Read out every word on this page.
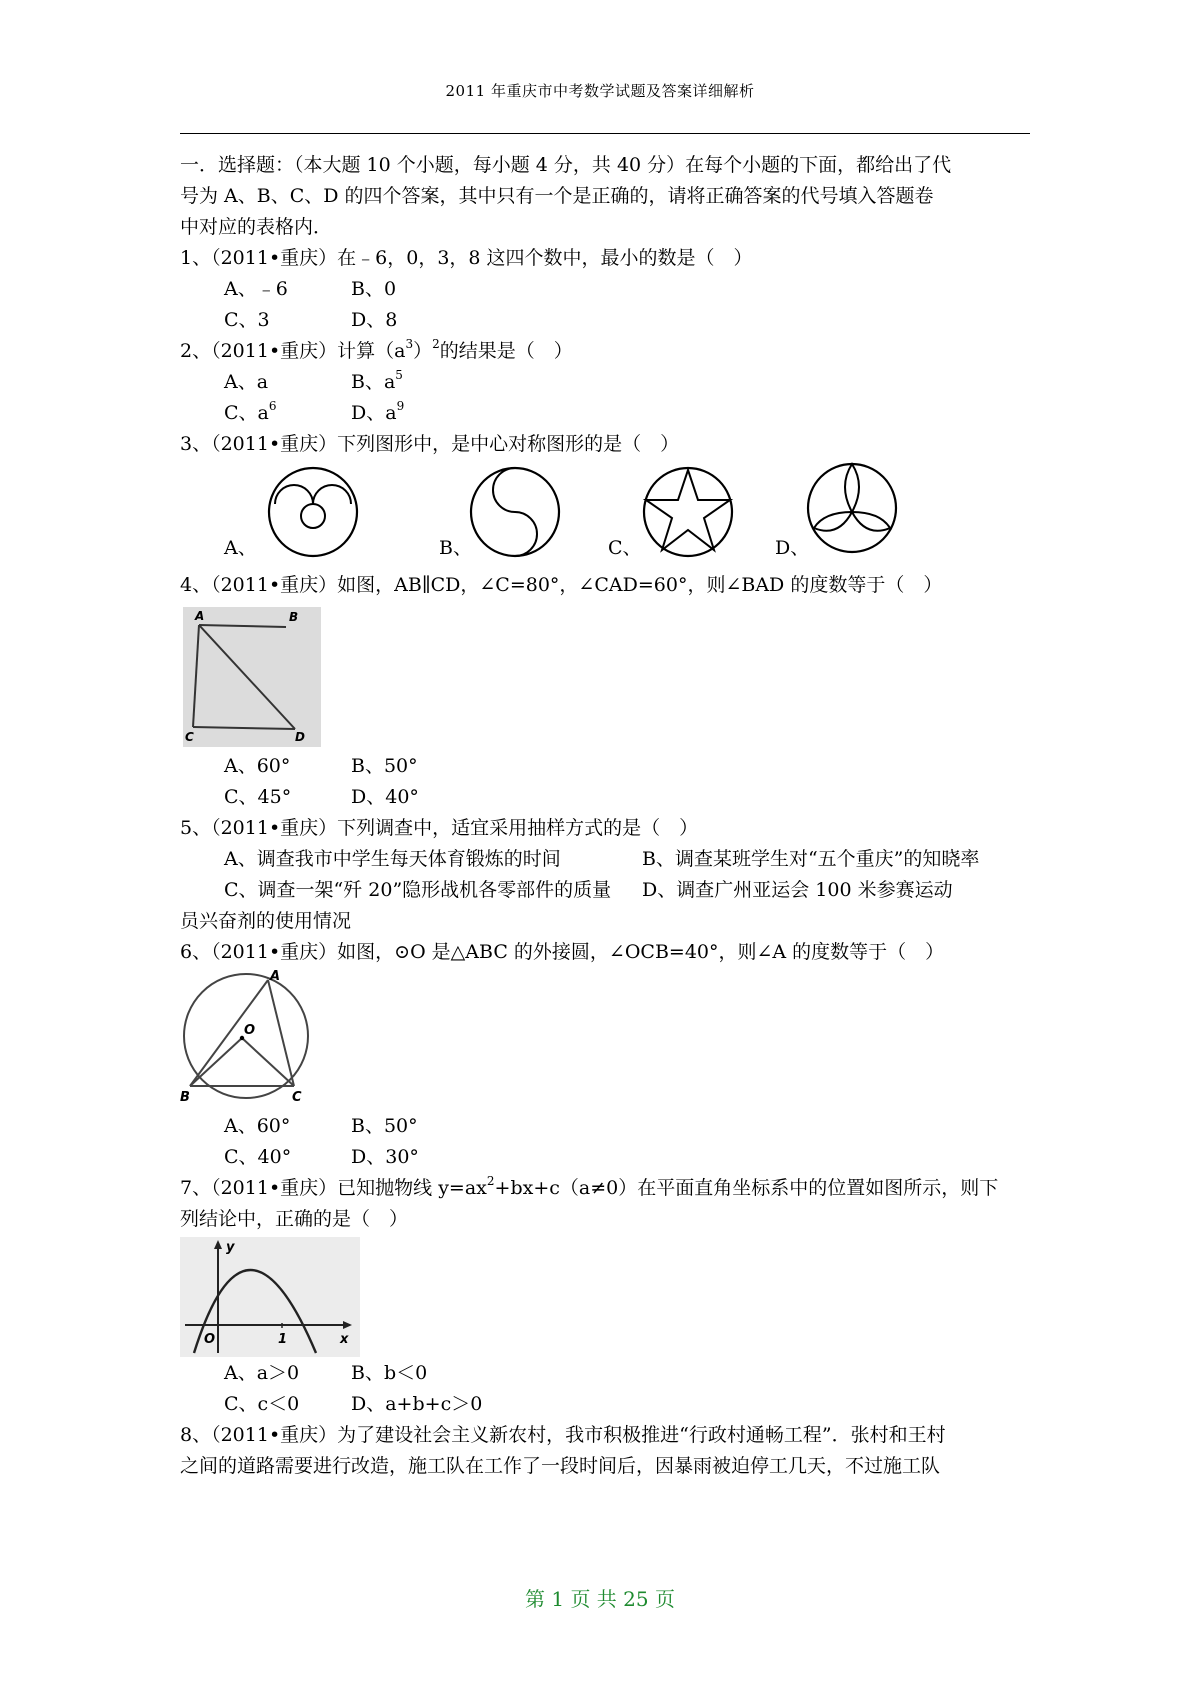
2011 年重庆市中考数学试题及答案详细解析
一．选择题：（本大题 10 个小题，每小题 4 分，共 40 分）在每个小题的下面，都给出了代
号为 A、B、C、D 的四个答案，其中只有一个是正确的，请将正确答案的代号填入答题卷
中对应的表格内．
1、（2011•重庆）在﹣6，0，3，8 这四个数中，最小的数是（　）
A、﹣6	B、0
C、3	D、8
2、（2011•重庆）计算$(a^3)^2$的结果是（　）
A、a	B、$a^5$
C、$a^6$	D、$a^9$
3、（2011•重庆）下列图形中，是中心对称图形的是（　）
A、	B、	C、	D、
4、（2011•重庆）如图，AB∥CD，∠C=80°，∠CAD=60°，则∠BAD 的度数等于（　）
A	B
C	D
A、60°	B、50°
C、45°	D、40°
5、（2011•重庆）下列调查中，适宜采用抽样方式的是（　）
A、调查我市中学生每天体育锻炼的时间	B、调查某班学生对“五个重庆”的知晓率
C、调查一架“歼 20”隐形战机各零部件的质量 D、调查广州亚运会 100 米参赛运动
员兴奋剂的使用情况
6、（2011•重庆）如图，⊙O 是△ABC 的外接圆，∠OCB=40°，则∠A 的度数等于（　）
A
O
B	C
A、60°	B、50°
C、40°	D、30°
7、（2011•重庆）已知抛物线 $y=ax^2+bx+c(a\ne 0)$在平面直角坐标系中的位置如图所示，则下
列结论中，正确的是（　）
y
O	1	x
A、a＞0	B、b＜0
C、c＜0	D、a+b+c＞0
8、（2011•重庆）为了建设社会主义新农村，我市积极推进“行政村通畅工程”．张村和王村
之间的道路需要进行改造，施工队在工作了一段时间后，因暴雨被迫停工几天，不过施工队
第 1 页 共 25 页
